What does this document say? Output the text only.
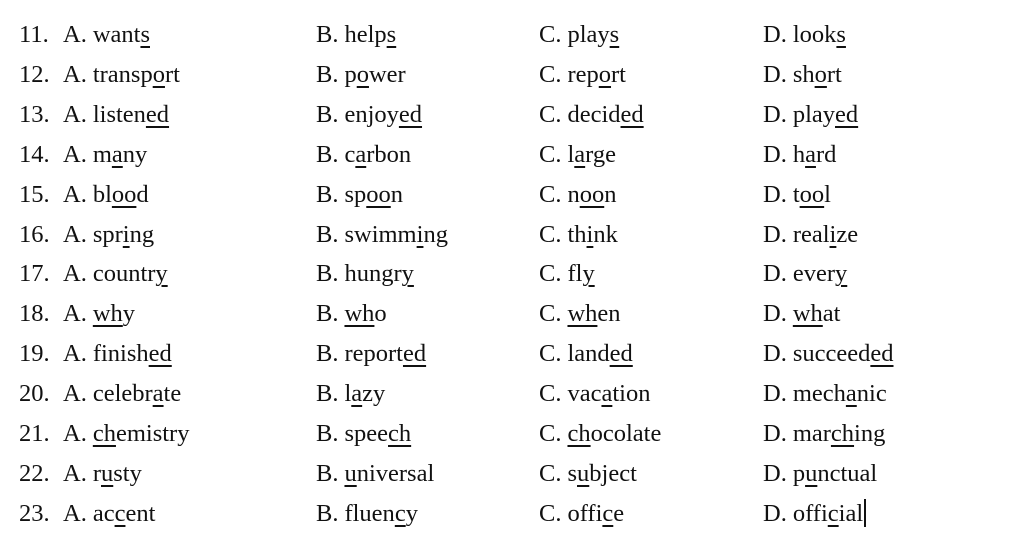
11. A. wants	B. helps	C. plays	D. looks
12. A. transport	B. power	C. report	D. short
13. A. listened	B. enjoyed	C. decided	D. played
14. A. many	B. carbon	C. large	D. hard
15. A. blood	B. spoon	C. noon	D. tool
16. A. spring	B. swimming	C. think	D. realize
17. A. country	B. hungry	C. fly	D. every
18. A. why	B. who	C. when	D. what
19. A. finished	B. reported	C. landed	D. succeeded
20. A. celebrate	B. lazy	C. vacation	D. mechanic
21. A. chemistry	B. speech	C. chocolate	D. marching
22. A. rusty	B. universal	C. subject	D. punctual
23. A. accent	B. fluency	C. office	D. official
